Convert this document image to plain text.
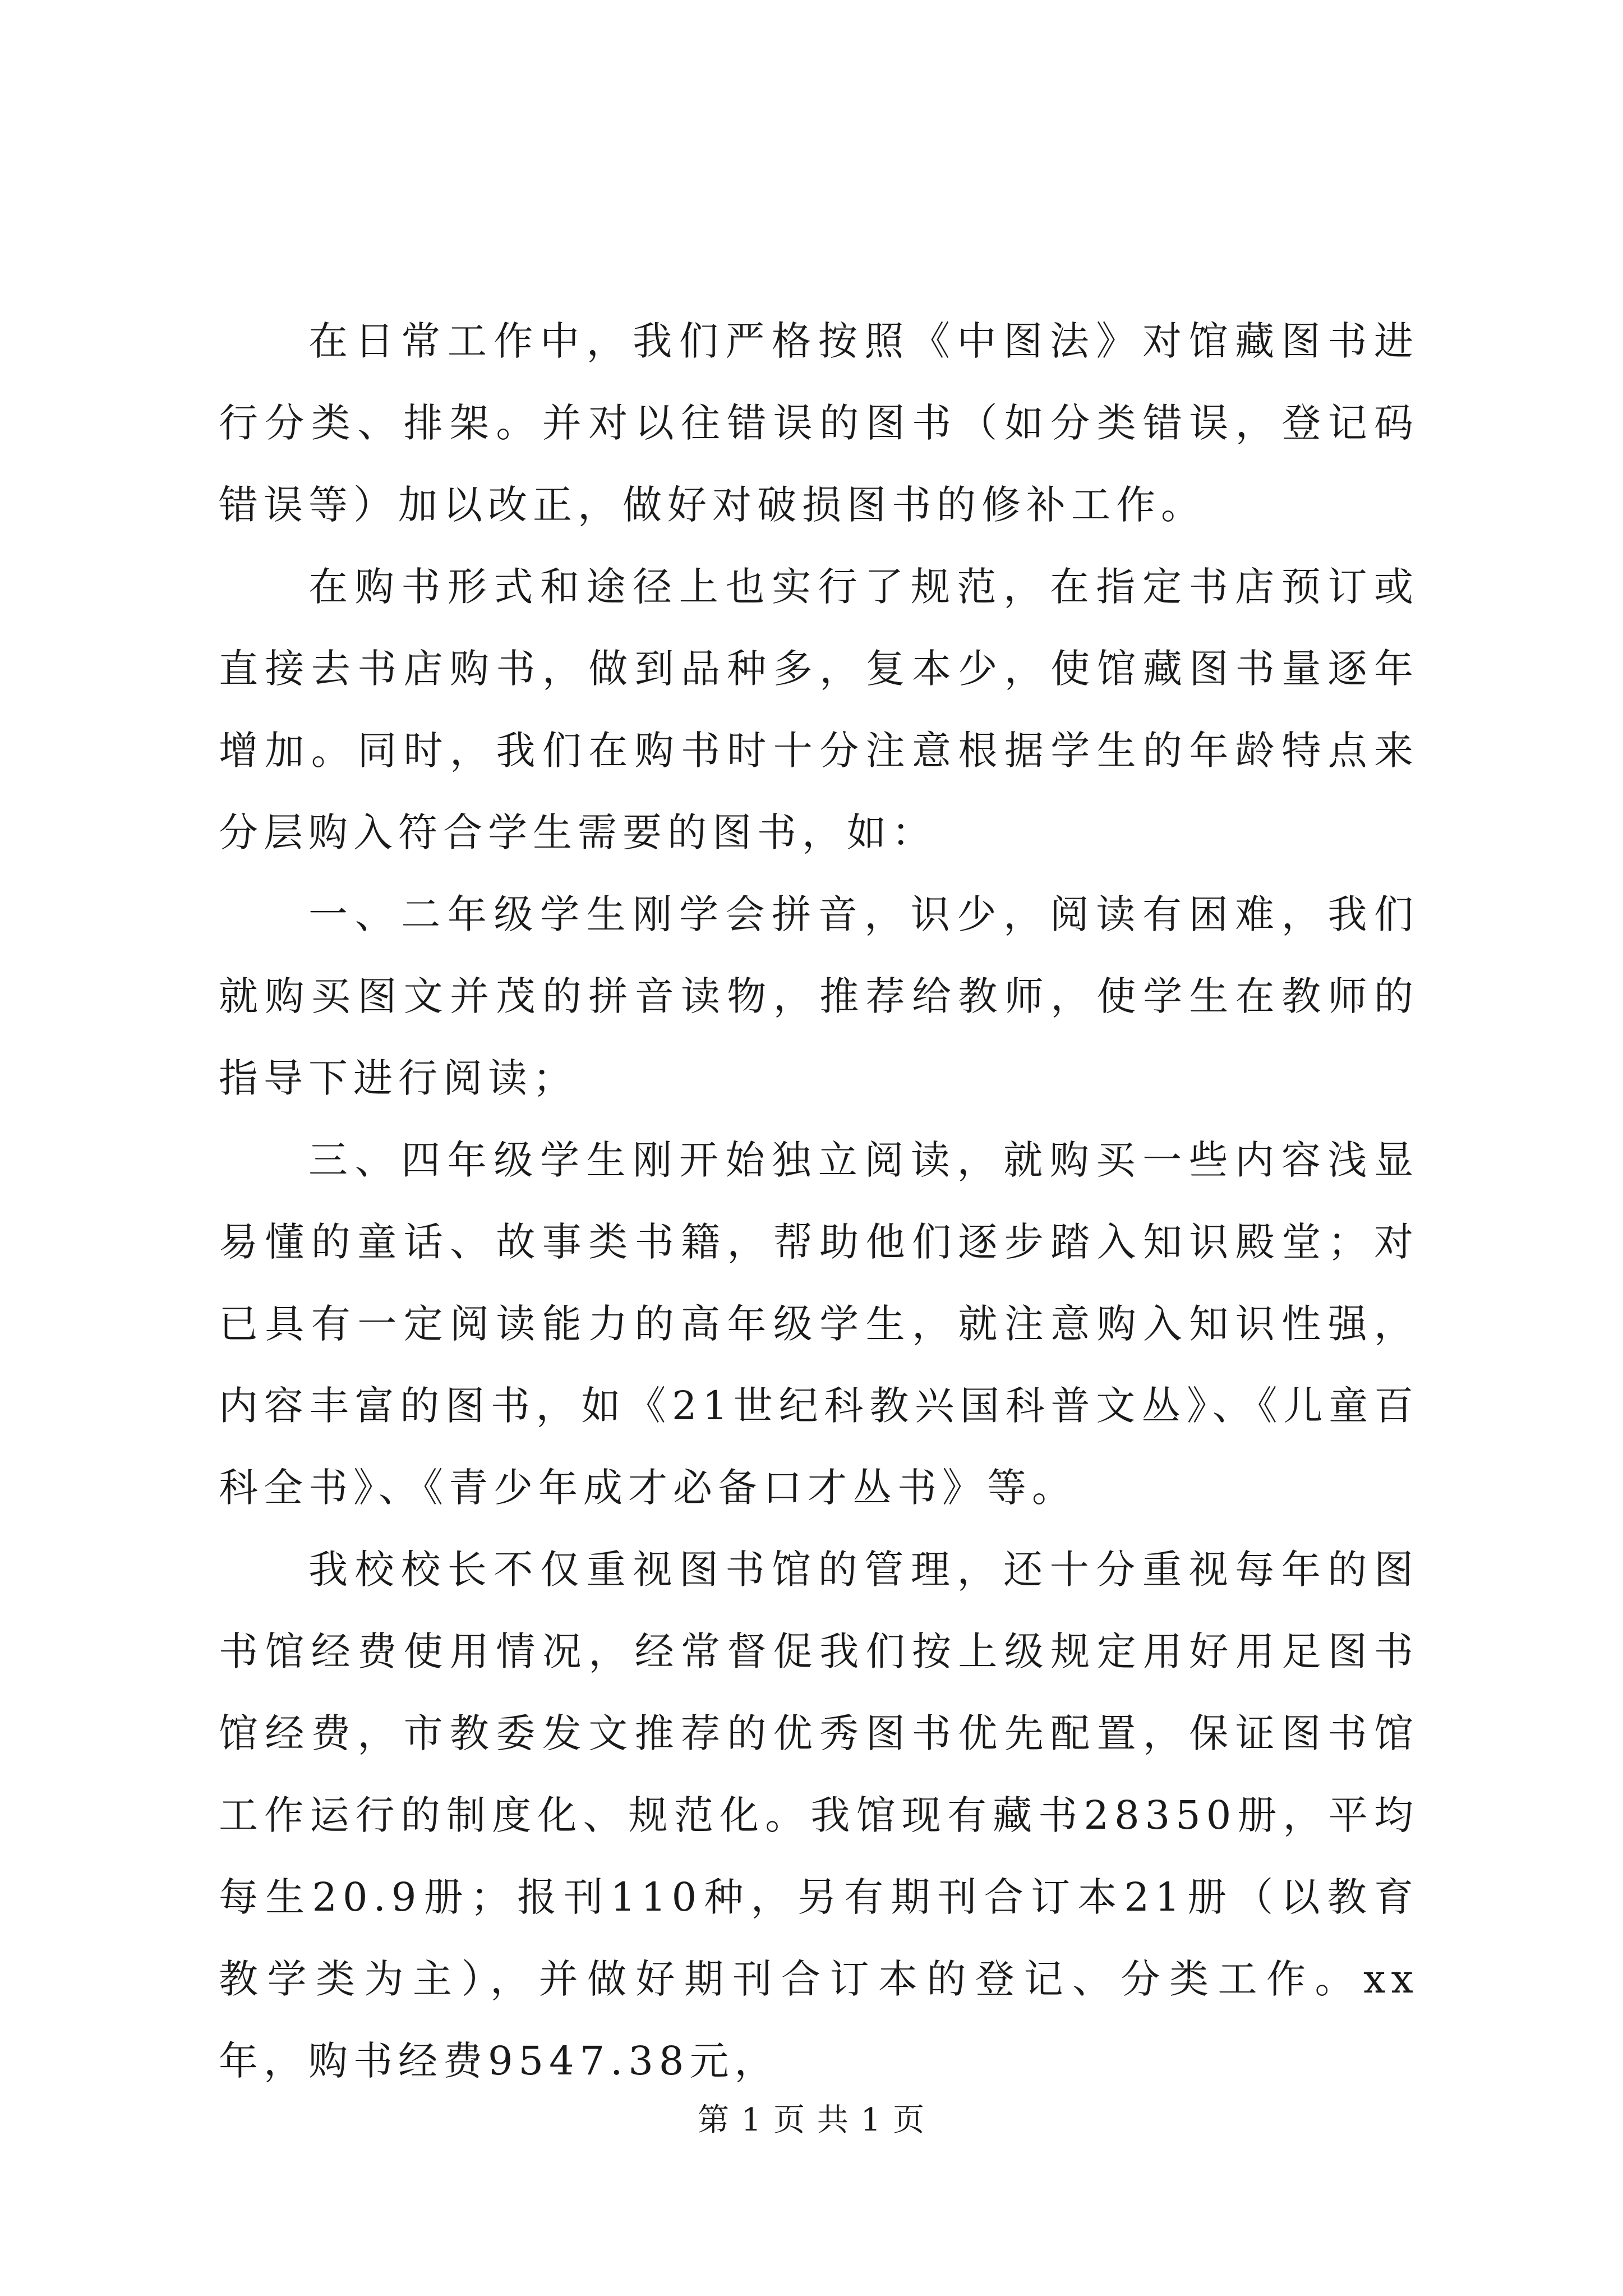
在日常工作中，我们严格按照《中图法》对馆藏图书进行分类、排架。并对以往错误的图书（如分类错误，登记码错误等）加以改正，做好对破损图书的修补工作。

在购书形式和途径上也实行了规范，在指定书店预订或直接去书店购书，做到品种多，复本少，使馆藏图书量逐年增加。同时，我们在购书时十分注意根据学生的年龄特点来分层购入符合学生需要的图书，如：

一、二年级学生刚学会拼音，识少，阅读有困难，我们就购买图文并茂的拼音读物，推荐给教师，使学生在教师的指导下进行阅读；

三、四年级学生刚开始独立阅读，就购买一些内容浅显易懂的童话、故事类书籍，帮助他们逐步踏入知识殿堂；对已具有一定阅读能力的高年级学生，就注意购入知识性强，内容丰富的图书，如《21世纪科教兴国科普文丛》、《儿童百科全书》、《青少年成才必备口才丛书》等。

我校校长不仅重视图书馆的管理，还十分重视每年的图书馆经费使用情况，经常督促我们按上级规定用好用足图书馆经费，市教委发文推荐的优秀图书优先配置，保证图书馆工作运行的制度化、规范化。我馆现有藏书28350册，平均每生20.9册；报刊110种，另有期刊合订本21册（以教育教学类为主），并做好期刊合订本的登记、分类工作。xx年，购书经费9547.38元，

第 1 页 共 1 页
